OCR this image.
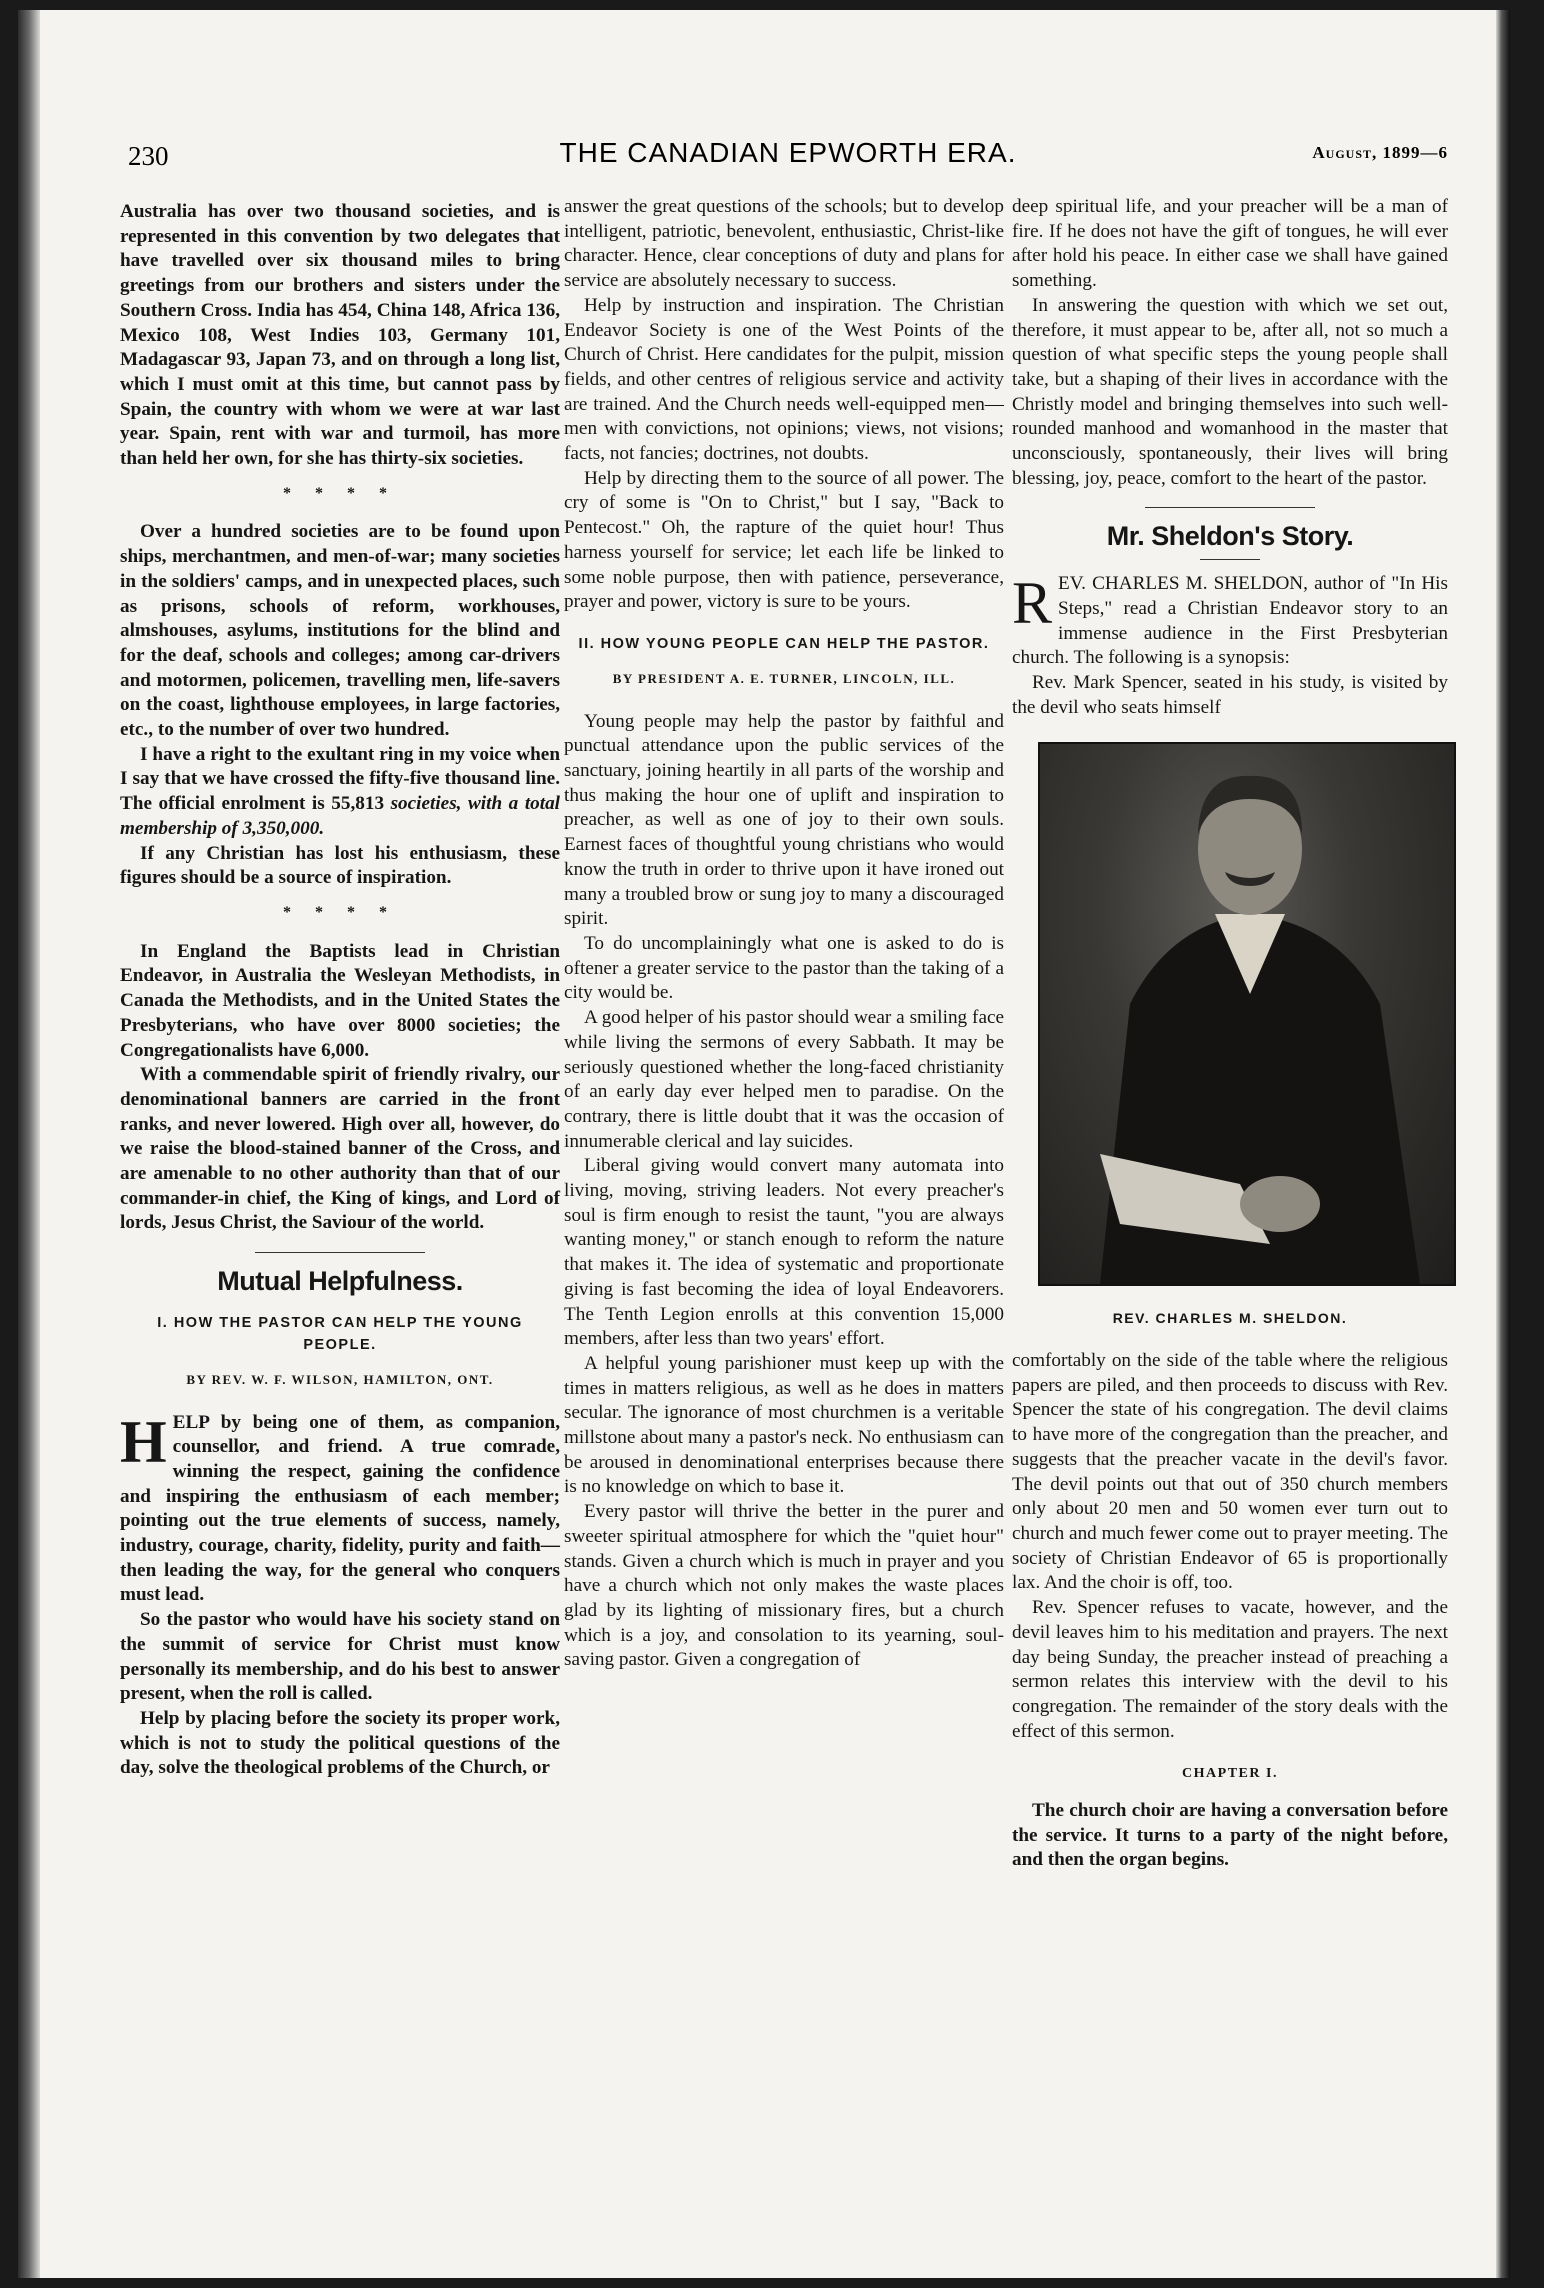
230	THE CANADIAN EPWORTH ERA.	August, 1899—6

Australia has over two thousand societies, and is represented in this convention by two delegates that have travelled over six thousand miles to bring greetings from our brothers and sisters under the Southern Cross. India has 454, China 148, Africa 136, Mexico 108, West Indies 103, Germany 101, Madagascar 93, Japan 73, and on through a long list, which I must omit at this time, but cannot pass by Spain, the country with whom we were at war last year. Spain, rent with war and turmoil, has more than held her own, for she has thirty-six societies.

* * * *

Over a hundred societies are to be found upon ships, merchantmen, and men-of-war; many societies in the soldiers' camps, and in unexpected places, such as prisons, schools of reform, workhouses, almshouses, asylums, institutions for the blind and for the deaf, schools and colleges; among car-drivers and motormen, policemen, travelling men, life-savers on the coast, lighthouse employees, in large factories, etc., to the number of over two hundred.

I have a right to the exultant ring in my voice when I say that we have crossed the fifty-five thousand line. The official enrolment is 55,813 societies, with a total membership of 3,350,000.

If any Christian has lost his enthusiasm, these figures should be a source of inspiration.

* * * *

In England the Baptists lead in Christian Endeavor, in Australia the Wesleyan Methodists, in Canada the Methodists, and in the United States the Presbyterians, who have over 8000 societies; the Congregationalists have 6,000.

With a commendable spirit of friendly rivalry, our denominational banners are carried in the front ranks, and never lowered. High over all, however, do we raise the blood-stained banner of the Cross, and are amenable to no other authority than that of our commander-in chief, the King of kings, and Lord of lords, Jesus Christ, the Saviour of the world.

Mutual Helpfulness.
I. HOW THE PASTOR CAN HELP THE YOUNG PEOPLE.
BY REV. W. F. WILSON, HAMILTON, ONT.

HELP by being one of them, as companion, counsellor, and friend. A true comrade, winning the respect, gaining the confidence and inspiring the enthusiasm of each member; pointing out the true elements of success, namely, industry, courage, charity, fidelity, purity and faith—then leading the way, for the general who conquers must lead.

So the pastor who would have his society stand on the summit of service for Christ must know personally its membership, and do his best to answer present, when the roll is called.

Help by placing before the society its proper work, which is not to study the political questions of the day, solve the theological problems of the Church, or

answer the great questions of the schools; but to develop intelligent, patriotic, benevolent, enthusiastic, Christ-like character. Hence, clear conceptions of duty and plans for service are absolutely necessary to success.

Help by instruction and inspiration. The Christian Endeavor Society is one of the West Points of the Church of Christ. Here candidates for the pulpit, mission fields, and other centres of religious service and activity are trained. And the Church needs well-equipped men—men with convictions, not opinions; views, not visions; facts, not fancies; doctrines, not doubts.

Help by directing them to the source of all power. The cry of some is "On to Christ," but I say, "Back to Pentecost." Oh, the rapture of the quiet hour! Thus harness yourself for service; let each life be linked to some noble purpose, then with patience, perseverance, prayer and power, victory is sure to be yours.

II. HOW YOUNG PEOPLE CAN HELP THE PASTOR.
BY PRESIDENT A. E. TURNER, LINCOLN, ILL.

Young people may help the pastor by faithful and punctual attendance upon the public services of the sanctuary, joining heartily in all parts of the worship and thus making the hour one of uplift and inspiration to preacher, as well as one of joy to their own souls. Earnest faces of thoughtful young christians who would know the truth in order to thrive upon it have ironed out many a troubled brow or sung joy to many a discouraged spirit.

To do uncomplainingly what one is asked to do is oftener a greater service to the pastor than the taking of a city would be.

A good helper of his pastor should wear a smiling face while living the sermons of every Sabbath. It may be seriously questioned whether the long-faced christianity of an early day ever helped men to paradise. On the contrary, there is little doubt that it was the occasion of innumerable clerical and lay suicides.

Liberal giving would convert many automata into living, moving, striving leaders. Not every preacher's soul is firm enough to resist the taunt, "you are always wanting money," or stanch enough to reform the nature that makes it. The idea of systematic and proportionate giving is fast becoming the idea of loyal Endeavorers. The Tenth Legion enrolls at this convention 15,000 members, after less than two years' effort.

A helpful young parishioner must keep up with the times in matters religious, as well as he does in matters secular. The ignorance of most churchmen is a veritable millstone about many a pastor's neck. No enthusiasm can be aroused in denominational enterprises because there is no knowledge on which to base it.

Every pastor will thrive the better in the purer and sweeter spiritual atmosphere for which the "quiet hour" stands. Given a church which is much in prayer and you have a church which not only makes the waste places glad by its lighting of missionary fires, but a church which is a joy, and consolation to its yearning, soul-saving pastor. Given a congregation of

deep spiritual life, and your preacher will be a man of fire. If he does not have the gift of tongues, he will ever after hold his peace. In either case we shall have gained something.

In answering the question with which we set out, therefore, it must appear to be, after all, not so much a question of what specific steps the young people shall take, but a shaping of their lives in accordance with the Christly model and bringing themselves into such well-rounded manhood and womanhood in the master that unconsciously, spontaneously, their lives will bring blessing, joy, peace, comfort to the heart of the pastor.

Mr. Sheldon's Story.

REV. CHARLES M. SHELDON, author of "In His Steps," read a Christian Endeavor story to an immense audience in the First Presbyterian church. The following is a synopsis:

Rev. Mark Spencer, seated in his study, is visited by the devil who seats himself

REV. CHARLES M. SHELDON.

comfortably on the side of the table where the religious papers are piled, and then proceeds to discuss with Rev. Spencer the state of his congregation. The devil claims to have more of the congregation than the preacher, and suggests that the preacher vacate in the devil's favor. The devil points out that out of 350 church members only about 20 men and 50 women ever turn out to church and much fewer come out to prayer meeting. The society of Christian Endeavor of 65 is proportionally lax. And the choir is off, too.

Rev. Spencer refuses to vacate, however, and the devil leaves him to his meditation and prayers. The next day being Sunday, the preacher instead of preaching a sermon relates this interview with the devil to his congregation. The remainder of the story deals with the effect of this sermon.

CHAPTER I.

The church choir are having a conversation before the service. It turns to a party of the night before, and then the organ begins.
